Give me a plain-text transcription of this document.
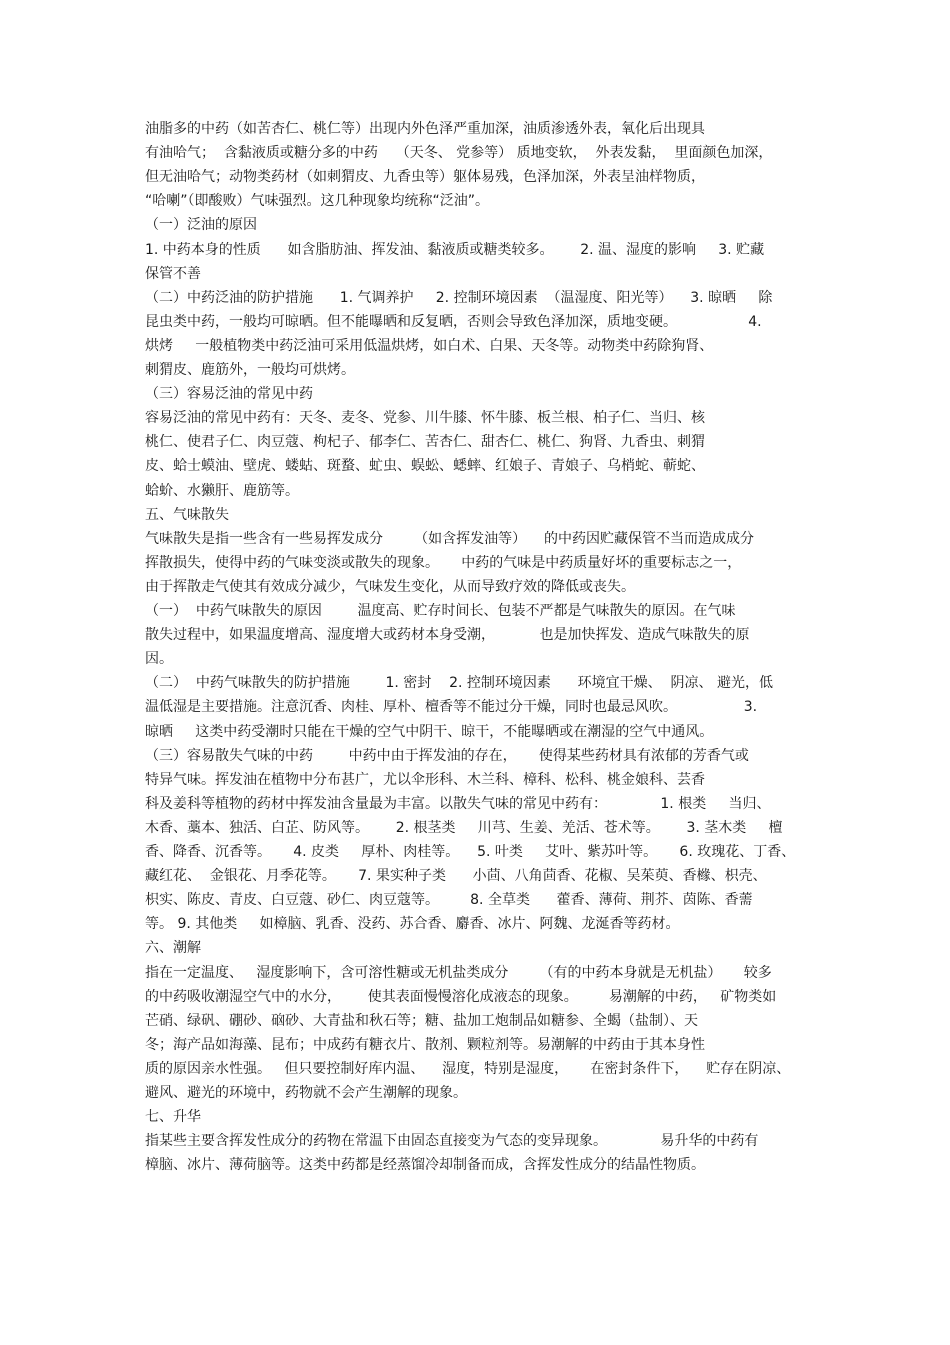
油脂多的中药（如苦杏仁、桃仁等）出现内外色泽严重加深，油质渗透外表，氧化后出现具
有油哈气；  含黏液质或糖分多的中药    （天冬、 党参等） 质地变软，  外表发黏，  里面颜色加深，
但无油哈气；动物类药材（如刺猬皮、九香虫等）躯体易残，色泽加深，外表呈油样物质，
“哈喇”（即酸败）气味强烈。这几种现象均统称“泛油”。
（一）泛油的原因
1. 中药本身的性质      如含脂肪油、挥发油、黏液质或糖类较多。      2. 温、湿度的影响     3. 贮藏
保管不善
（二）中药泛油的防护措施      1. 气调养护     2. 控制环境因素  （温湿度、阳光等）    3. 晾晒     除
昆虫类中药，一般均可晾晒。但不能曝晒和反复晒，否则会导致色泽加深，质地变硬。                4.
烘烤     一般植物类中药泛油可采用低温烘烤，如白术、白果、天冬等。动物类中药除狗肾、
刺猬皮、鹿筋外，一般均可烘烤。
（三）容易泛油的常见中药
容易泛油的常见中药有：天冬、麦冬、党参、川牛膝、怀牛膝、板兰根、柏子仁、当归、核
桃仁、使君子仁、肉豆蔻、枸杞子、郁李仁、苦杏仁、甜杏仁、桃仁、狗肾、九香虫、刺猬
皮、蛤士蟆油、壁虎、蝼蛄、斑蝥、虻虫、蜈蚣、蟋蟀、红娘子、青娘子、乌梢蛇、蕲蛇、
蛤蚧、水獭肝、鹿筋等。
五、气味散失
气味散失是指一些含有一些易挥发成分       （如含挥发油等）    的中药因贮藏保管不当而造成成分
挥散损失，使得中药的气味变淡或散失的现象。     中药的气味是中药质量好坏的重要标志之一，
由于挥散走气使其有效成分减少，气味发生变化，从而导致疗效的降低或丧失。
（一）  中药气味散失的原因        温度高、贮存时间长、包装不严都是气味散失的原因。在气味
散失过程中，如果温度增高、湿度增大或药材本身受潮，          也是加快挥发、造成气味散失的原
因。
（二）  中药气味散失的防护措施        1. 密封    2. 控制环境因素      环境宜干燥、  阴凉、 避光，低
温低湿是主要措施。注意沉香、肉桂、厚朴、檀香等不能过分干燥，同时也最忌风吹。               3.
晾晒     这类中药受潮时只能在干燥的空气中阴干、晾干，不能曝晒或在潮湿的空气中通风。
（三）容易散失气味的中药        中药中由于挥发油的存在，     使得某些药材具有浓郁的芳香气或
特异气味。挥发油在植物中分布甚广，尤以伞形科、木兰科、樟科、松科、桃金娘科、芸香
科及姜科等植物的药材中挥发油含量最为丰富。以散失气味的常见中药有：            1. 根类     当归、
木香、藁本、独活、白芷、防风等。      2. 根茎类     川芎、生姜、羌活、苍术等。      3. 茎木类     檀
香、降香、沉香等。     4. 皮类     厚朴、肉桂等。    5. 叶类     艾叶、紫苏叶等。     6. 玫瑰花、丁香、
藏红花、  金银花、月季花等。     7. 果实种子类      小茴、八角茴香、花椒、吴茱萸、香橼、枳壳、
枳实、陈皮、青皮、白豆蔻、砂仁、肉豆蔻等。       8. 全草类      藿香、薄荷、荆芥、茵陈、香薷
等。 9. 其他类     如樟脑、乳香、没药、苏合香、麝香、冰片、阿魏、龙涎香等药材。
六、潮解
指在一定温度、   湿度影响下，含可溶性糖或无机盐类成分       （有的中药本身就是无机盐）     较多
的中药吸收潮湿空气中的水分，      使其表面慢慢溶化成液态的现象。       易潮解的中药，   矿物类如
芒硝、绿矾、硼砂、硇砂、大青盐和秋石等；糖、盐加工炮制品如糖参、全蝎（盐制）、天
冬；海产品如海藻、昆布；中成药有糖衣片、散剂、颗粒剂等。易潮解的中药由于其本身性
质的原因亲水性强。   但只要控制好库内温、    湿度，特别是湿度，     在密封条件下，    贮存在阴凉、
避风、避光的环境中，药物就不会产生潮解的现象。
七、升华
指某些主要含挥发性成分的药物在常温下由固态直接变为气态的变异现象。            易升华的中药有
樟脑、冰片、薄荷脑等。这类中药都是经蒸馏冷却制备而成，含挥发性成分的结晶性物质。
